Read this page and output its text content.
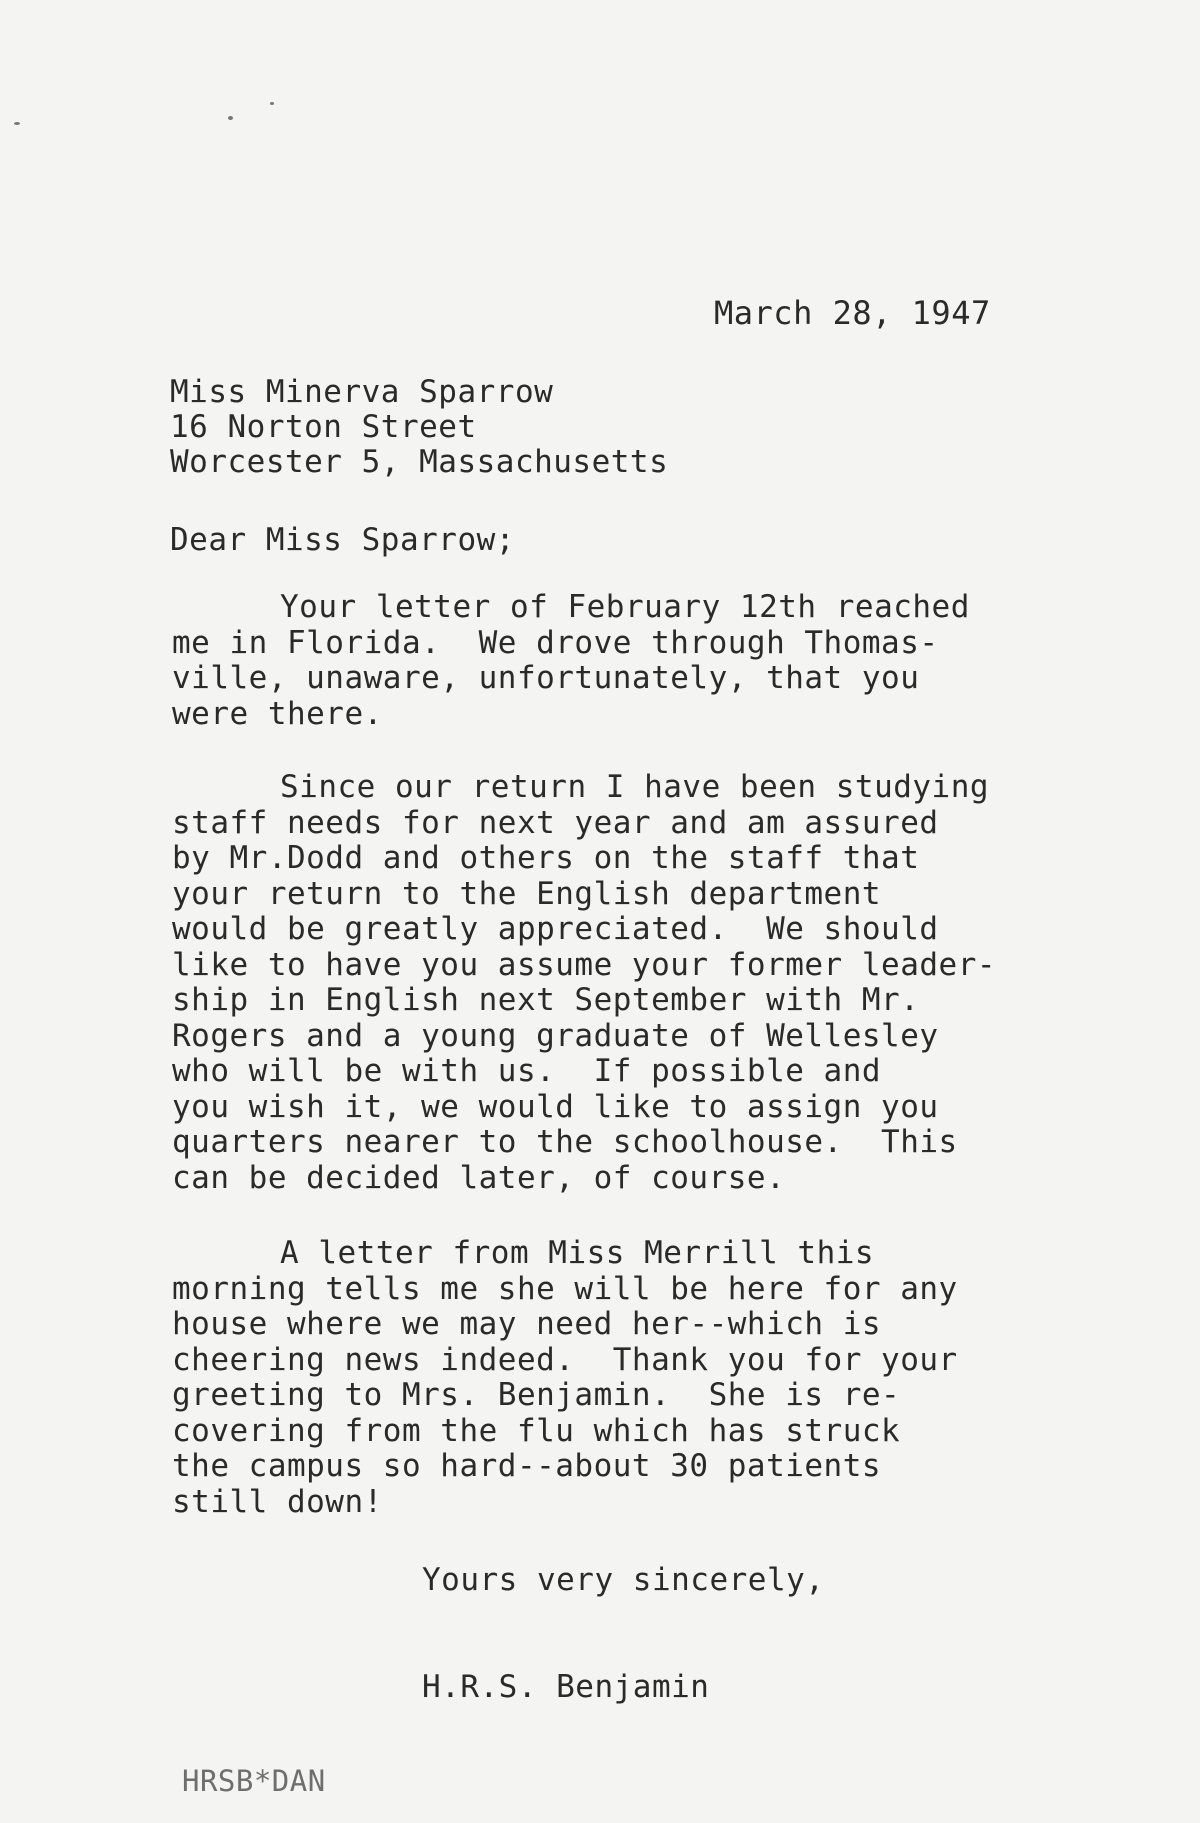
March 28, 1947
Miss Minerva Sparrow
16 Norton Street
Worcester 5, Massachusetts
Dear Miss Sparrow;
Your letter of February 12th reached
me in Florida.  We drove through Thomas-
ville, unaware, unfortunately, that you
were there.
Since our return I have been studying
staff needs for next year and am assured
by Mr.Dodd and others on the staff that
your return to the English department
would be greatly appreciated.  We should
like to have you assume your former leader-
ship in English next September with Mr.
Rogers and a young graduate of Wellesley
who will be with us.  If possible and
you wish it, we would like to assign you
quarters nearer to the schoolhouse.  This
can be decided later, of course.
A letter from Miss Merrill this
morning tells me she will be here for any
house where we may need her--which is
cheering news indeed.  Thank you for your
greeting to Mrs. Benjamin.  She is re-
covering from the flu which has struck
the campus so hard--about 30 patients
still down!
Yours very sincerely,
H.R.S. Benjamin
HRSB*DAN
